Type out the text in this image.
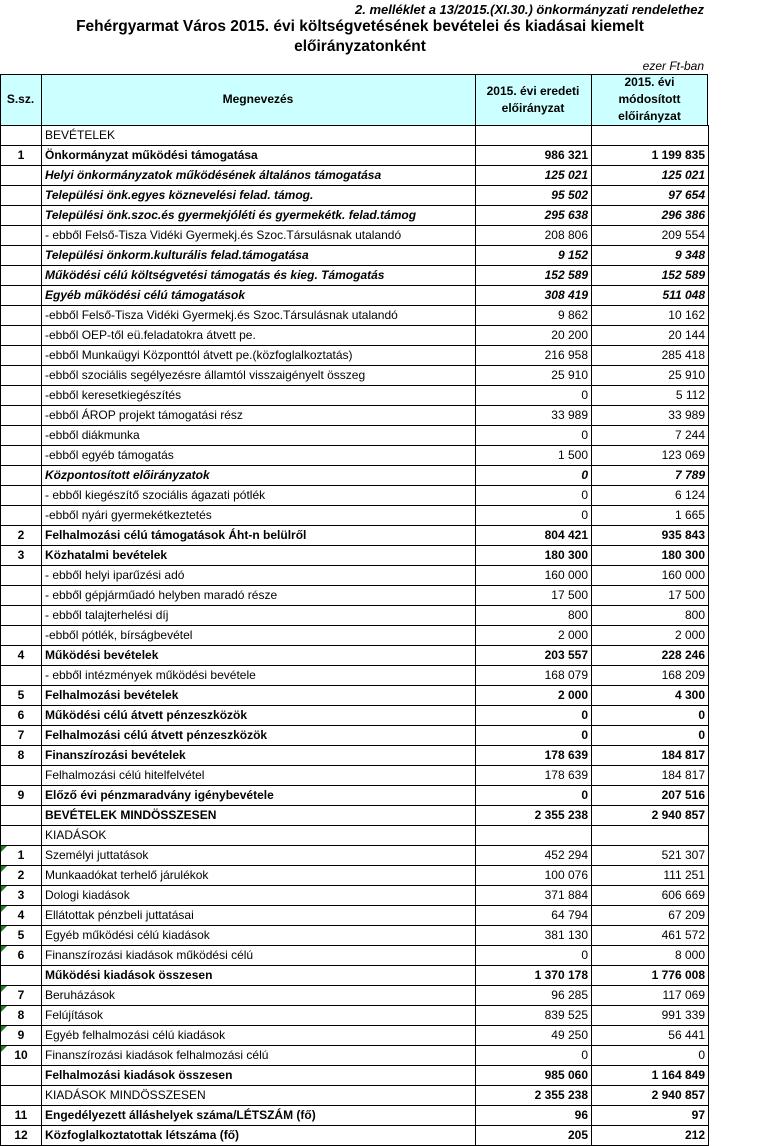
2. melléklet a 13/2015.(XI.30.) önkormányzati rendelethez
Fehérgyarmat Város 2015. évi költségvetésének bevételei és kiadásai kiemelt
előirányzatonként
ezer Ft-ban
S.sz.	Megnevezés
2015. évi eredeti
előirányzat
2015. évi
módosított
előirányzat
	BEVÉTELEK		
1	Önkormányzat működési támogatása	986 321	1 199 835
	Helyi önkormányzatok működésének általános támogatása	125 021	125 021
	Települési önk.egyes köznevelési felad. támog.	95 502	97 654
	Települési önk.szoc.és gyermekjóléti és gyermekétk. felad.támog	295 638	296 386
	- ebből Felső-Tisza Vidéki Gyermekj.és Szoc.Társulásnak utalandó	208 806	209 554
	Települési önkorm.kulturális felad.támogatása	9 152	9 348
	Működési célú költségvetési támogatás és kieg. Támogatás	152 589	152 589
	Egyéb működési célú támogatások	308 419	511 048
	-ebből Felső-Tisza Vidéki Gyermekj.és Szoc.Társulásnak utalandó	9 862	10 162
	-ebből OEP-től eü.feladatokra átvett pe.	20 200	20 144
	-ebből Munkaügyi Központtól átvett pe.(közfoglalkoztatás)	216 958	285 418
	-ebből szociális segélyezésre államtól visszaigényelt összeg	25 910	25 910
	-ebből keresetkiegészítés	0	5 112
	-ebből ÁROP projekt támogatási rész	33 989	33 989
	-ebből diákmunka	0	7 244
	-ebből egyéb támogatás	1 500	123 069
	Központosított előirányzatok	0	7 789
	- ebből kiegészítő szociális ágazati pótlék	0	6 124
	-ebből nyári gyermekétkeztetés	0	1 665
2	Felhalmozási célú támogatások Áht-n belülről	804 421	935 843
3	Közhatalmi bevételek	180 300	180 300
	- ebből helyi iparűzési adó	160 000	160 000
	- ebből gépjárműadó helyben maradó része	17 500	17 500
	- ebből talajterhelési díj	800	800
	-ebből pótlék, bírságbevétel	2 000	2 000
4	Működési bevételek	203 557	228 246
	- ebből intézmények működési bevétele	168 079	168 209
5	Felhalmozási bevételek	2 000	4 300
6	Működési célú átvett pénzeszközök	0	0
7	Felhalmozási célú átvett pénzeszközök	0	0
8	Finanszírozási bevételek	178 639	184 817
	Felhalmozási célú hitelfelvétel	178 639	184 817
9	Előző évi pénzmaradvány igénybevétele	0	207 516
	BEVÉTELEK MINDÖSSZESEN	2 355 238	2 940 857
	KIADÁSOK		
1	Személyi juttatások	452 294	521 307
2	Munkaadókat terhelő járulékok	100 076	111 251
3	Dologi kiadások	371 884	606 669
4	Ellátottak pénzbeli juttatásai	64 794	67 209
5	Egyéb működési célú kiadások	381 130	461 572
6	Finanszírozási kiadások működési célú	0	8 000
	Működési kiadások összesen	1 370 178	1 776 008
7	Beruházások	96 285	117 069
8	Felújítások	839 525	991 339
9	Egyéb felhalmozási célú kiadások	49 250	56 441
10	Finanszírozási kiadások felhalmozási célú	0	0
	Felhalmozási kiadások összesen	985 060	1 164 849
	KIADÁSOK MINDÖSSZESEN	2 355 238	2 940 857
11	Engedélyezett álláshelyek száma/LÉTSZÁM (fő)	96	97
12	Közfoglalkoztatottak létszáma (fő)	205	212
